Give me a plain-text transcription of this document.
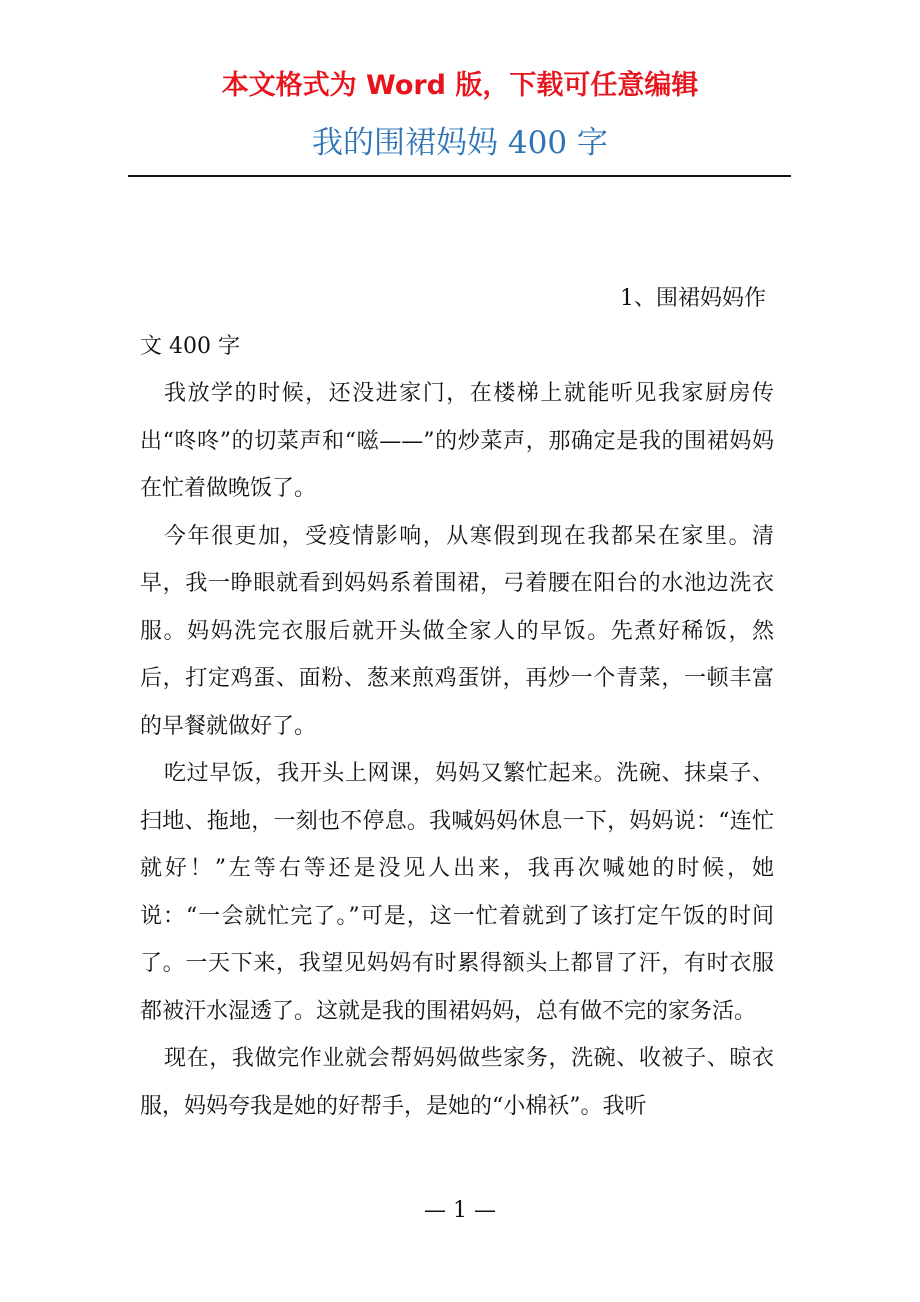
本文格式为 Word 版，下载可任意编辑
我的围裙妈妈 400 字

1、围裙妈妈作

文 400 字

我放学的时候，还没进家门，在楼梯上就能听见我家厨房传出“咚咚”的切菜声和“嗞——”的炒菜声，那确定是我的围裙妈妈在忙着做晚饭了。

今年很更加，受疫情影响，从寒假到现在我都呆在家里。清早，我一睁眼就看到妈妈系着围裙，弓着腰在阳台的水池边洗衣服。妈妈洗完衣服后就开头做全家人的早饭。先煮好稀饭，然后，打定鸡蛋、面粉、葱来煎鸡蛋饼，再炒一个青菜，一顿丰富的早餐就做好了。

吃过早饭，我开头上网课，妈妈又繁忙起来。洗碗、抹桌子、扫地、拖地，一刻也不停息。我喊妈妈休息一下，妈妈说：“连忙就好！”左等右等还是没见人出来，我再次喊她的时候，她说：“一会就忙完了。”可是，这一忙着就到了该打定午饭的时间了。一天下来，我望见妈妈有时累得额头上都冒了汗，有时衣服都被汗水湿透了。这就是我的围裙妈妈，总有做不完的家务活。

现在，我做完作业就会帮妈妈做些家务，洗碗、收被子、晾衣服，妈妈夸我是她的好帮手，是她的“小棉袄”。我听

— 1 —
